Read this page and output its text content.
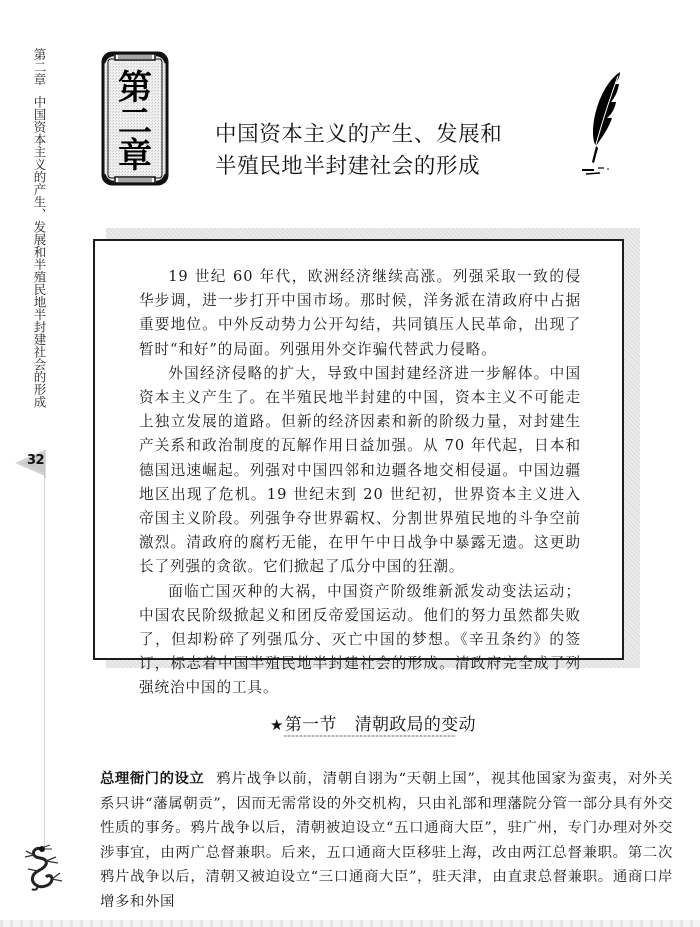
第二章中国资本主义的产生、发展和半殖民地半封建社会的形成
32
第
二
章
中国资本主义的产生、发展和
半殖民地半封建社会的形成

19 世纪 60 年代，欧洲经济继续高涨。列强采取一致的侵华步调，进一步打开中国市场。那时候，洋务派在清政府中占据重要地位。中外反动势力公开勾结，共同镇压人民革命，出现了暂时“和好”的局面。列强用外交诈骗代替武力侵略。

外国经济侵略的扩大，导致中国封建经济进一步解体。中国资本主义产生了。在半殖民地半封建的中国，资本主义不可能走上独立发展的道路。但新的经济因素和新的阶级力量，对封建生产关系和政治制度的瓦解作用日益加强。从 70 年代起，日本和德国迅速崛起。列强对中国四邻和边疆各地交相侵逼。中国边疆地区出现了危机。19 世纪末到 20 世纪初，世界资本主义进入帝国主义阶段。列强争夺世界霸权、分割世界殖民地的斗争空前激烈。清政府的腐朽无能，在甲午中日战争中暴露无遗。这更助长了列强的贪欲。它们掀起了瓜分中国的狂潮。

面临亡国灭种的大祸，中国资产阶级维新派发动变法运动；中国农民阶级掀起义和团反帝爱国运动。他们的努力虽然都失败了，但却粉碎了列强瓜分、灭亡中国的梦想。《辛丑条约》的签订，标志着中国半殖民地半封建社会的形成。清政府完全成了列强统治中国的工具。

★第一节 清朝政局的变动

总理衙门的设立 鸦片战争以前，清朝自诩为“天朝上国”，视其他国家为蛮夷，对外关系只讲“藩属朝贡”，因而无需常设的外交机构，只由礼部和理藩院分管一部分具有外交性质的事务。鸦片战争以后，清朝被迫设立“五口通商大臣”，驻广州，专门办理对外交涉事宜，由两广总督兼职。后来，五口通商大臣移驻上海，改由两江总督兼职。第二次鸦片战争以后，清朝又被迫设立“三口通商大臣”，驻天津，由直隶总督兼职。通商口岸增多和外国
